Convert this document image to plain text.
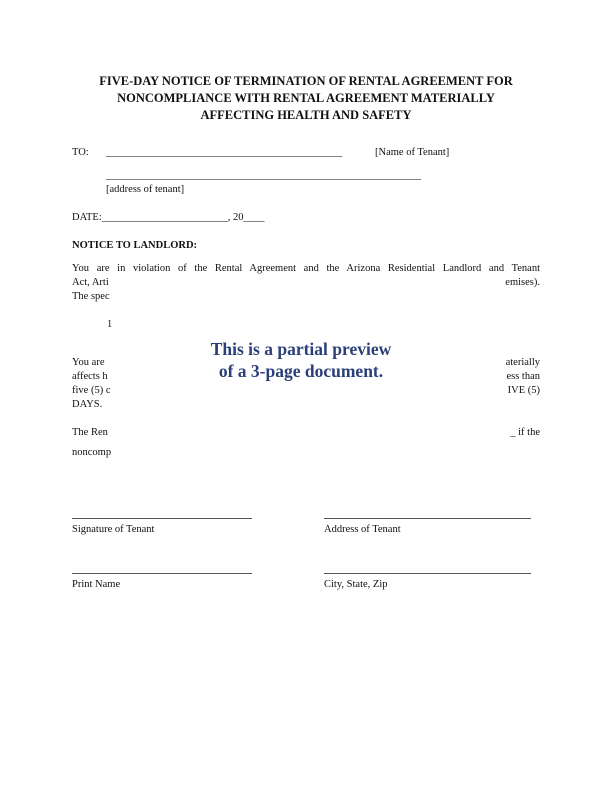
FIVE-DAY NOTICE OF TERMINATION OF RENTAL AGREEMENT FOR
NONCOMPLIANCE WITH RENTAL AGREEMENT MATERIALLY
AFFECTING HEALTH AND SAFETY
TO: _____________________________________________	[Name of Tenant]
____________________________________________________________
[address of tenant]
DATE:________________________, 20____
NOTICE TO LANDLORD:
You are in violation of the Rental Agreement and the Arizona Residential Landlord and Tenant
Act, Arti	emises).
The spec
1
You are	aterially
affects h	ess than
five (5) c	IVE (5)
DAYS.
The Ren	_ if the
noncomp
This is a partial preview
of a 3-page document.
Signature of Tenant	Address of Tenant
Print Name	City, State, Zip
